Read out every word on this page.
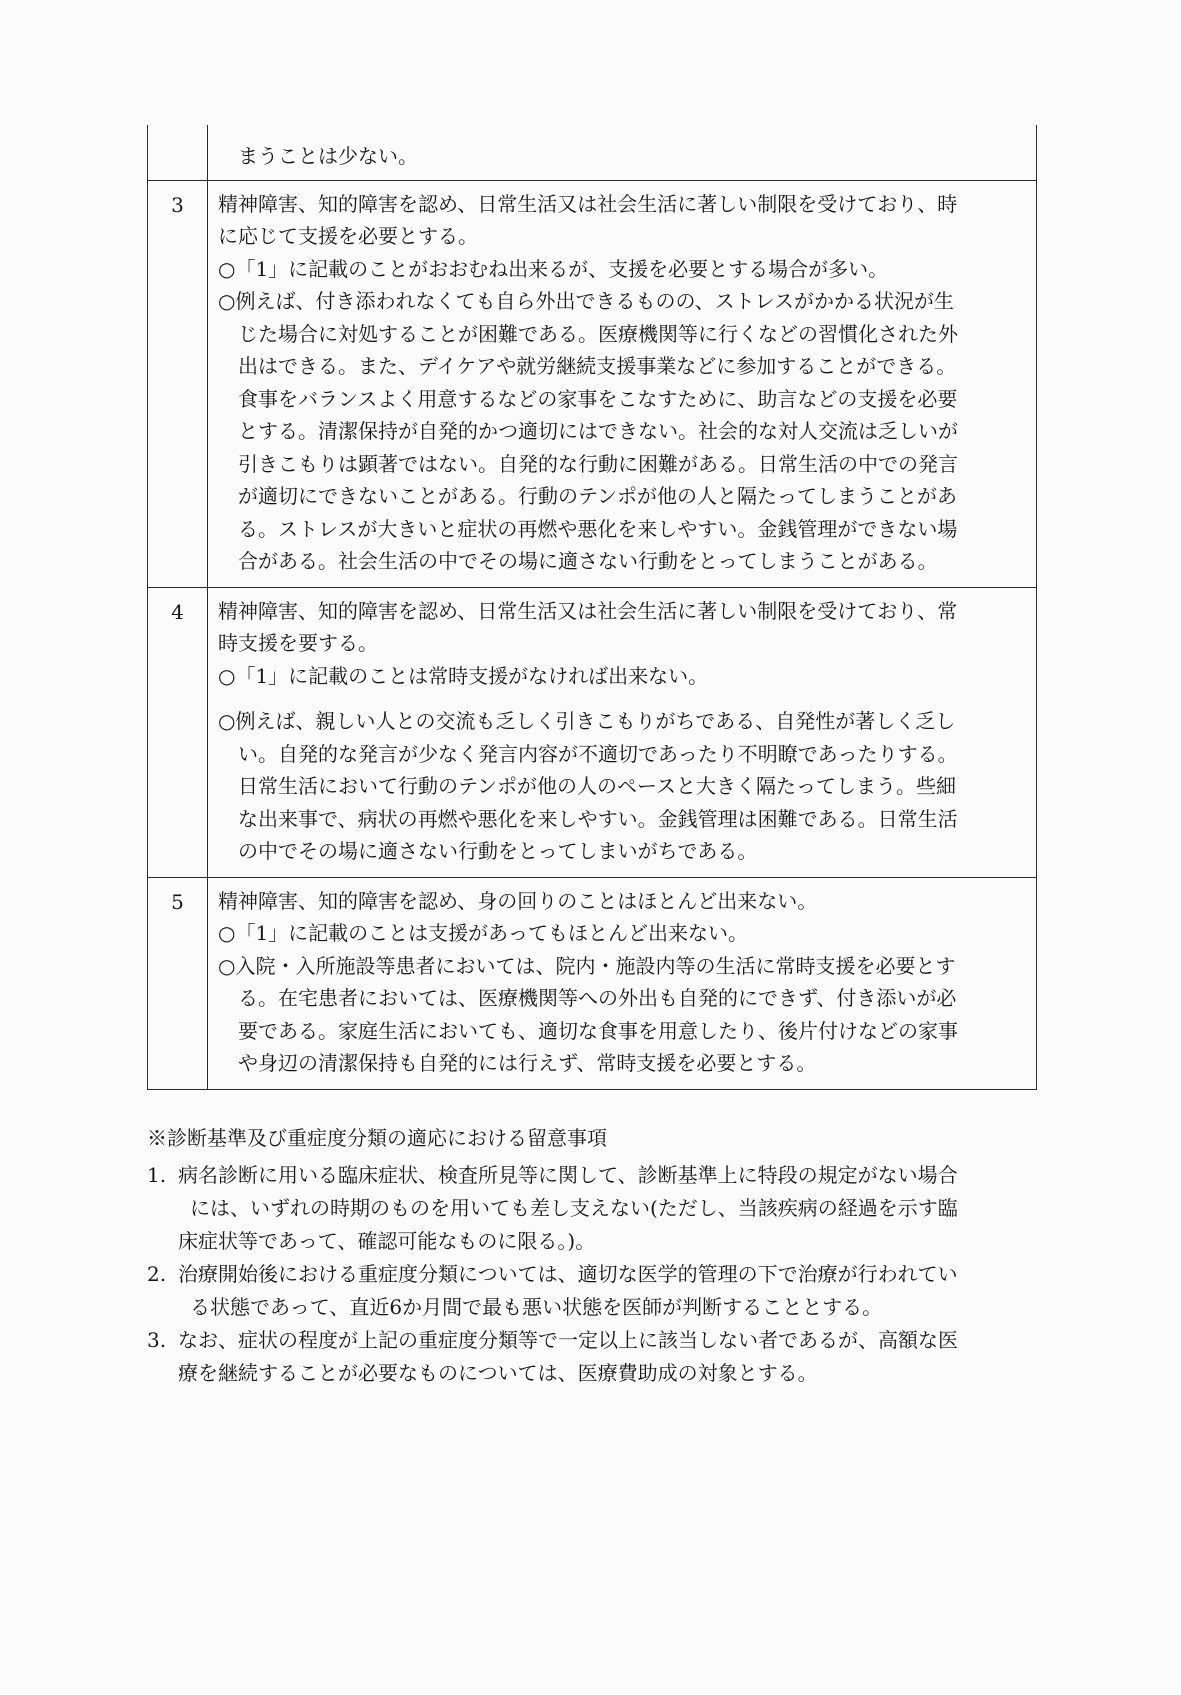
まうことは少ない。
3	精神障害、知的障害を認め、日常生活又は社会生活に著しい制限を受けており、時
に応じて支援を必要とする。
○「1」に記載のことがおおむね出来るが、支援を必要とする場合が多い。
○例えば、付き添われなくても自ら外出できるものの、ストレスがかかる状況が生
じた場合に対処することが困難である。医療機関等に行くなどの習慣化された外
出はできる。また、デイケアや就労継続支援事業などに参加することができる。
食事をバランスよく用意するなどの家事をこなすために、助言などの支援を必要
とする。清潔保持が自発的かつ適切にはできない。社会的な対人交流は乏しいが
引きこもりは顕著ではない。自発的な行動に困難がある。日常生活の中での発言
が適切にできないことがある。行動のテンポが他の人と隔たってしまうことがあ
る。ストレスが大きいと症状の再燃や悪化を来しやすい。金銭管理ができない場
合がある。社会生活の中でその場に適さない行動をとってしまうことがある。
4	精神障害、知的障害を認め、日常生活又は社会生活に著しい制限を受けており、常
時支援を要する。
○「1」に記載のことは常時支援がなければ出来ない。
○例えば、親しい人との交流も乏しく引きこもりがちである、自発性が著しく乏し
い。自発的な発言が少なく発言内容が不適切であったり不明瞭であったりする。
日常生活において行動のテンポが他の人のペースと大きく隔たってしまう。些細
な出来事で、病状の再燃や悪化を来しやすい。金銭管理は困難である。日常生活
の中でその場に適さない行動をとってしまいがちである。
5	精神障害、知的障害を認め、身の回りのことはほとんど出来ない。
○「1」に記載のことは支援があってもほとんど出来ない。
○入院・入所施設等患者においては、院内・施設内等の生活に常時支援を必要とす
る。在宅患者においては、医療機関等への外出も自発的にできず、付き添いが必
要である。家庭生活においても、適切な食事を用意したり、後片付けなどの家事
や身辺の清潔保持も自発的には行えず、常時支援を必要とする。
※診断基準及び重症度分類の適応における留意事項
1. 病名診断に用いる臨床症状、検査所見等に関して、診断基準上に特段の規定がない場合
には、いずれの時期のものを用いても差し支えない(ただし、当該疾病の経過を示す臨
床症状等であって、確認可能なものに限る。)。
2. 治療開始後における重症度分類については、適切な医学的管理の下で治療が行われてい
る状態であって、直近6か月間で最も悪い状態を医師が判断することとする。
3. なお、症状の程度が上記の重症度分類等で一定以上に該当しない者であるが、高額な医
療を継続することが必要なものについては、医療費助成の対象とする。
